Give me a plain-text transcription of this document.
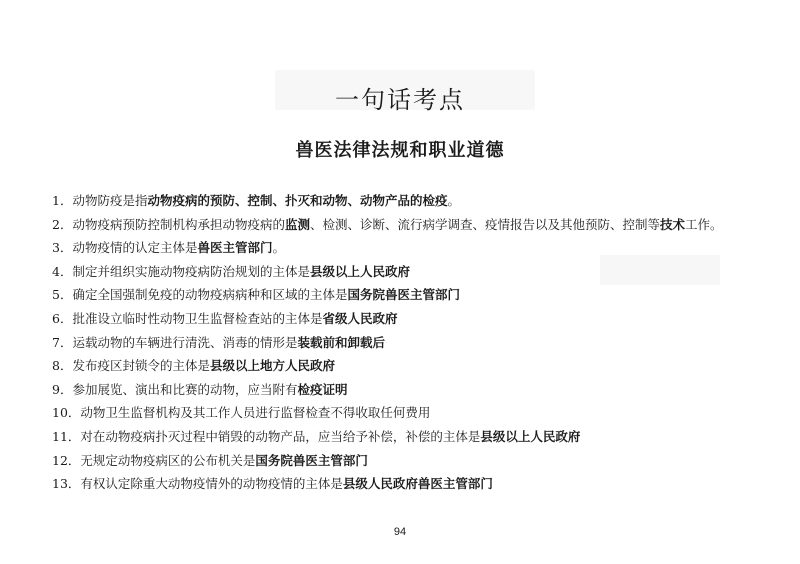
一句话考点
兽医法律法规和职业道德
1．动物防疫是指动物疫病的预防、控制、扑灭和动物、动物产品的检疫。
2．动物疫病预防控制机构承担动物疫病的监测、检测、诊断、流行病学调查、疫情报告以及其他预防、控制等技术工作。
3．动物疫情的认定主体是兽医主管部门。
4．制定并组织实施动物疫病防治规划的主体是县级以上人民政府
5．确定全国强制免疫的动物疫病病种和区域的主体是国务院兽医主管部门
6．批准设立临时性动物卫生监督检查站的主体是省级人民政府
7．运载动物的车辆进行清洗、消毒的情形是装载前和卸载后
8．发布疫区封锁令的主体是县级以上地方人民政府
9．参加展览、演出和比赛的动物，应当附有检疫证明
10．动物卫生监督机构及其工作人员进行监督检查不得收取任何费用
11．对在动物疫病扑灭过程中销毁的动物产品，应当给予补偿，补偿的主体是县级以上人民政府
12．无规定动物疫病区的公布机关是国务院兽医主管部门
13．有权认定除重大动物疫情外的动物疫情的主体是县级人民政府兽医主管部门
94
